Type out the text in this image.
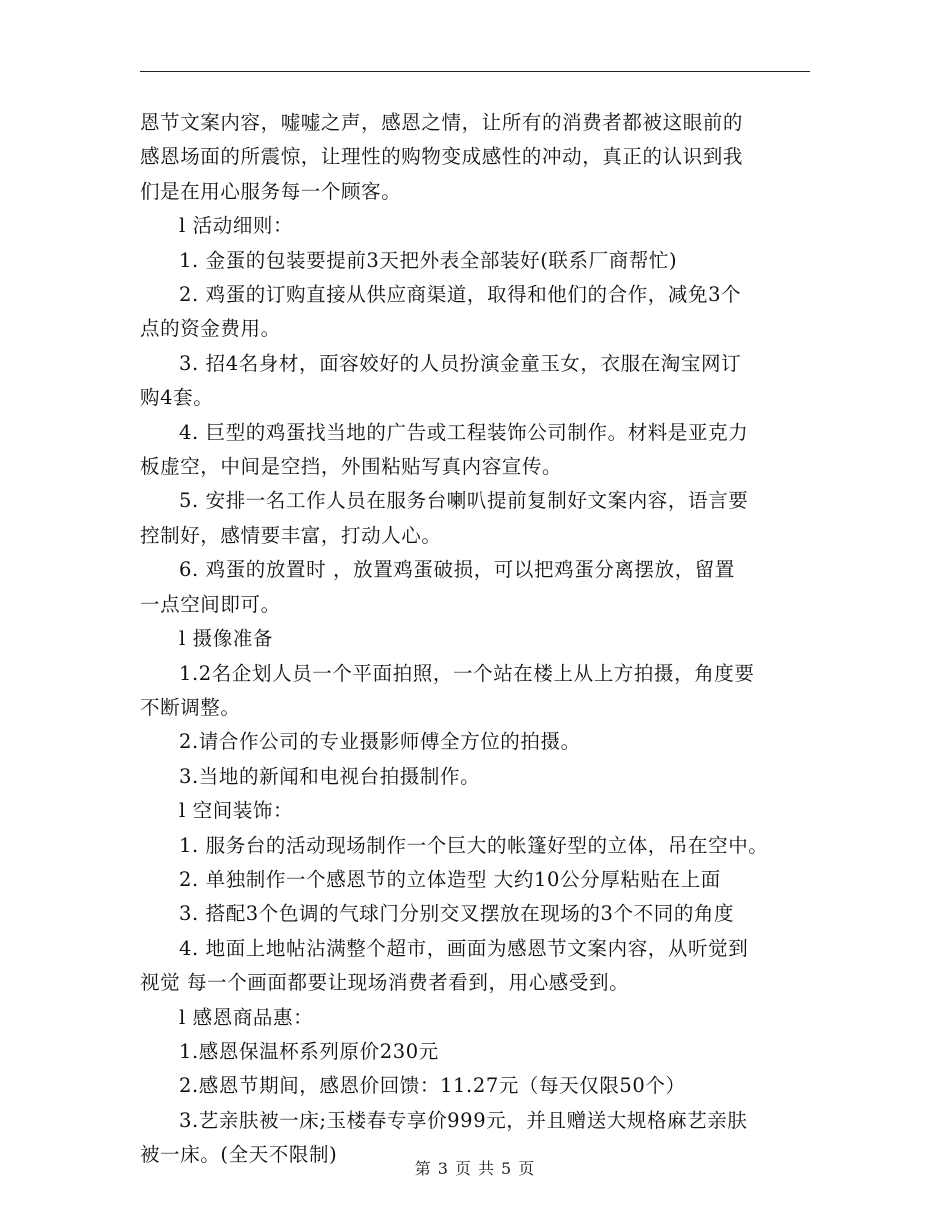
恩节文案内容，嘘嘘之声，感恩之情，让所有的消费者都被这眼前的

感恩场面的所震惊，让理性的购物变成感性的冲动，真正的认识到我

们是在用心服务每一个顾客。

l 活动细则：

1. 金蛋的包装要提前3天把外表全部装好(联系厂商帮忙)

2. 鸡蛋的订购直接从供应商渠道，取得和他们的合作，减免3个

点的资金费用。

3. 招4名身材，面容姣好的人员扮演金童玉女，衣服在淘宝网订

购4套。

4. 巨型的鸡蛋找当地的广告或工程装饰公司制作。材料是亚克力

板虚空，中间是空挡，外围粘贴写真内容宣传。

5. 安排一名工作人员在服务台喇叭提前复制好文案内容，语言要

控制好，感情要丰富，打动人心。

6. 鸡蛋的放置时 ，放置鸡蛋破损，可以把鸡蛋分离摆放，留置

一点空间即可。

l 摄像准备

1.2名企划人员一个平面拍照，一个站在楼上从上方拍摄，角度要

不断调整。

2.请合作公司的专业摄影师傅全方位的拍摄。

3.当地的新闻和电视台拍摄制作。

l 空间装饰：

1. 服务台的活动现场制作一个巨大的帐篷好型的立体，吊在空中。

2. 单独制作一个感恩节的立体造型 大约10公分厚粘贴在上面

3. 搭配3个色调的气球门分别交叉摆放在现场的3个不同的角度

4. 地面上地帖沾满整个超市，画面为感恩节文案内容，从听觉到

视觉 每一个画面都要让现场消费者看到，用心感受到。

l 感恩商品惠：

1.感恩保温杯系列原价230元

2.感恩节期间，感恩价回馈：11.27元（每天仅限50个）

3.艺亲肤被一床;玉楼春专享价999元，并且赠送大规格麻艺亲肤

被一床。(全天不限制)

第 3 页 共 5 页
